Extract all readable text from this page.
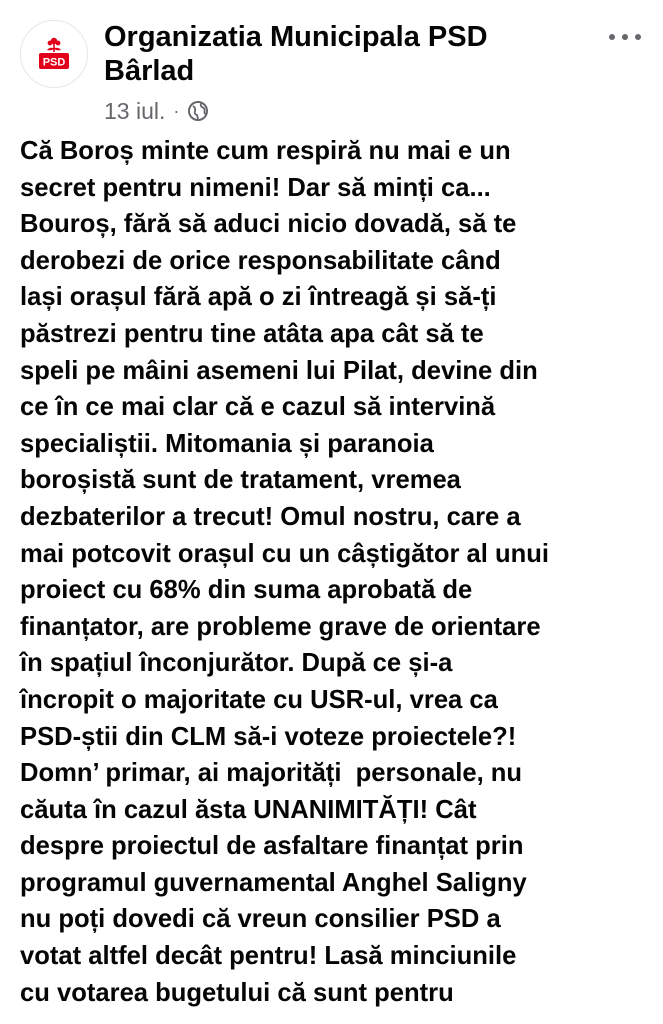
PSD
Organizatia Municipala PSD Bârlad
13 iul. ·
Că Boroș minte cum respiră nu mai e un
secret pentru nimeni! Dar să minți ca...
Bouroș, fără să aduci nicio dovadă, să te
derobezi de orice responsabilitate când
lași orașul fără apă o zi întreagă și să-ți
păstrezi pentru tine atâta apa cât să te
speli pe mâini asemeni lui Pilat, devine din
ce în ce mai clar că e cazul să intervină
specialiștii. Mitomania și paranoia
boroșistă sunt de tratament, vremea
dezbaterilor a trecut! Omul nostru, care a
mai potcovit orașul cu un câștigător al unui
proiect cu 68% din suma aprobată de
finanțator, are probleme grave de orientare
în spațiul înconjurător. După ce și-a
încropit o majoritate cu USR-ul, vrea ca
PSD-știi din CLM să-i voteze proiectele?!
Domn’ primar, ai majorități  personale, nu
căuta în cazul ăsta UNANIMITĂȚI! Cât
despre proiectul de asfaltare finanțat prin
programul guvernamental Anghel Saligny
nu poți dovedi că vreun consilier PSD a
votat altfel decât pentru! Lasă minciunile
cu votarea bugetului că sunt pentru
